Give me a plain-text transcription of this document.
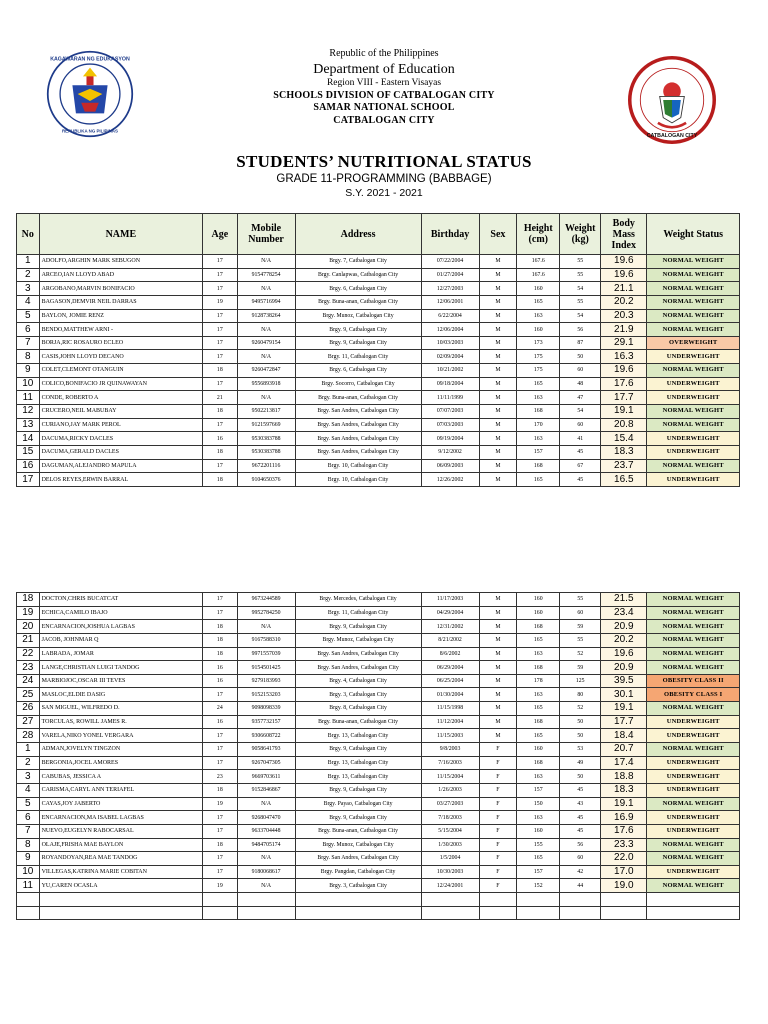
KAGAWARAN NG EDUKASYON
REPUBLIKA NG PILIPINAS
CATBALOGAN CITY
Republic of the Philippines
Department of Education
Region VIII - Eastern Visayas
SCHOOLS DIVISION OF CATBALOGAN CITY
SAMAR NATIONAL SCHOOL
CATBALOGAN CITY
STUDENTS’ NUTRITIONAL STATUS
GRADE 11-PROGRAMMING (BABBAGE)
S.Y. 2021 - 2021
No	NAME	Age	Mobile Number	Address	Birthday	Sex	Height (cm)	Weight (kg)	Body Mass Index	Weight Status
1	ADOLFO,ARGHIN MARK SEBUGON	17	N/A	Brgy. 7, Catbalogan City	07/22/2004	M	167.6	55	19.6	NORMAL WEIGHT
2	ARCEO,IAN LLOYD ABAD	17	9154778254	Brgy. Canlapwas, Catbalogan City	01/27/2004	M	167.6	55	19.6	NORMAL WEIGHT
3	ARGOBANO,MARVIN BONIFACIO	17	N/A	Brgy. 6, Catbalogan City	12/27/2003	M	160	54	21.1	NORMAL WEIGHT
4	BAGASON,DEMVIR NEIL DARRAS	19	9495716994	Brgy. Buna-anan, Catbalogan City	12/06/2001	M	165	55	20.2	NORMAL WEIGHT
5	BAYLON, JOMIE RENZ	17	9128738264	Brgy. Munoz, Catbalogan City	6/22/2004	M	163	54	20.3	NORMAL WEIGHT
6	BENDO,MATTHEW ARNI -	17	N/A	Brgy. 9, Catbalogan City	12/06/2004	M	160	56	21.9	NORMAL WEIGHT
7	BORJA,RIC ROSAURO ECLEO	17	9260479154	Brgy. 9, Catbalogan City	10/03/2003	M	173	87	29.1	OVERWEIGHT
8	CASIS,JOHN LLOYD DECANO	17	N/A	Brgy. 11, Catbalogan City	02/09/2004	M	175	50	16.3	UNDERWEIGHT
9	COLET,CLEMONT OTANGUIN	18	9260472847	Brgy. 6, Catbalogan City	10/21/2002	M	175	60	19.6	NORMAL WEIGHT
10	COLICO,BONIFACIO JR QUINAWAYAN	17	9556893918	Brgy. Socorro, Catbalogan City	09/18/2004	M	165	48	17.6	UNDERWEIGHT
11	CONDE, ROBERTO A	21	N/A	Brgy. Buna-anan, Catbalogan City	11/11/1999	M	163	47	17.7	UNDERWEIGHT
12	CRUCERO,NEIL MABUBAY	18	9502213817	Brgy. San Andres, Catbalogan City	07/07/2003	M	168	54	19.1	NORMAL WEIGHT
13	CURIANO,JAY MARK PEROL	17	9121597669	Brgy. San Andres, Catbalogan City	07/03/2003	M	170	60	20.8	NORMAL WEIGHT
14	DACUMA,RICKY DACLES	16	9530383788	Brgy. San Andres, Catbalogan City	09/19/2004	M	163	41	15.4	UNDERWEIGHT
15	DACUMA,GERALD DACLES	18	9530383788	Brgy. San Andres, Catbalogan City	9/12/2002	M	157	45	18.3	UNDERWEIGHT
16	DAGUMAN,ALEJANDRO MAPULA	17	9672201116	Brgy. 10, Catbalogan City	06/09/2003	M	168	67	23.7	NORMAL WEIGHT
17	DELOS REYES,ERWIN BARRAL	18	9104650376	Brgy. 10, Catbalogan City	12/26/2002	M	165	45	16.5	UNDERWEIGHT
18	DOCTON,CHRIS BUCATCAT	17	9673244589	Brgy. Mercedes, Catbalogan City	11/17/2003	M	160	55	21.5	NORMAL WEIGHT
19	ECHICA,CAMILO IBAJO	17	9952784250	Brgy. 11, Catbalogan City	04/29/2004	M	160	60	23.4	NORMAL WEIGHT
20	ENCARNACION,JOSHUA LAGBAS	18	N/A	Brgy. 9, Catbalogan City	12/31/2002	M	168	59	20.9	NORMAL WEIGHT
21	JACOB, JOHNMAR Q	18	9167588310	Brgy. Munoz, Catbalogan City	8/21/2002	M	165	55	20.2	NORMAL WEIGHT
22	LABRADA, JOMAR	18	9971557039	Brgy. San Andres, Catbalogan City	8/6/2002	M	163	52	19.6	NORMAL WEIGHT
23	LANGE,CHRISTIAN LUIGI TANDOG	16	9154501425	Brgy. San Andres, Catbalogan City	06/29/2004	M	168	59	20.9	NORMAL WEIGHT
24	MARBIOJOC,OSCAR III TEVES	16	9279183993	Brgy. 4, Catbalogan City	06/25/2004	M	178	125	39.5	OBESITY CLASS II
25	MASLOC,ELDIE DASIG	17	9152153203	Brgy. 3, Catbalogan City	01/30/2004	M	163	80	30.1	OBESITY CLASS I
26	SAN MIGUEL, WILFREDO D.	24	9098098339	Brgy. 8, Catbalogan City	11/15/1998	M	165	52	19.1	NORMAL WEIGHT
27	TORCULAS, ROWILL JAMES R.	16	9357732157	Brgy. Buna-anan, Catbalogan City	11/12/2004	M	168	50	17.7	UNDERWEIGHT
28	VARELA,NIKO YONEL VERGARA	17	9306608722	Brgy. 13, Catbalogan City	11/15/2003	M	165	50	18.4	UNDERWEIGHT
1	ADMAN,JOVELYN TINGZON	17	9058641793	Brgy. 9, Catbalogan City	9/8/2003	F	160	53	20.7	NORMAL WEIGHT
2	BERGONIA,JOCEL AMORES	17	9267047305	Brgy. 13, Catbalogan City	7/16/2003	F	168	49	17.4	UNDERWEIGHT
3	CABUBAS, JESSICA A	23	9669703611	Brgy. 13, Catbalogan City	11/15/2004	F	163	50	18.8	UNDERWEIGHT
4	CARISMA,CARYL ANN TERIAFEL	18	9152846867	Brgy. 9, Catbalogan City	1/26/2003	F	157	45	18.3	UNDERWEIGHT
5	CAYAS,JOY JABERTO	19	N/A	Brgy. Payao, Catbalogan City	03/27/2003	F	150	43	19.1	NORMAL WEIGHT
6	ENCARNACION,MA ISABEL LAGBAS	17	9268047470	Brgy. 9, Catbalogan City	7/18/2003	F	163	45	16.9	UNDERWEIGHT
7	NUEVO,EUGELYN RABOCARSAL	17	9633704448	Brgy. Buna-anan, Catbalogan City	5/15/2004	F	160	45	17.6	UNDERWEIGHT
8	OLAJE,FRISHA MAE BAYLON	18	9484705174	Brgy. Munoz, Catbalogan City	1/30/2003	F	155	56	23.3	NORMAL WEIGHT
9	ROYANDOYAN,REA MAE TANDOG	17	N/A	Brgy. San Andres, Catbalogan City	1/5/2004	F	165	60	22.0	NORMAL WEIGHT
10	VILLEGAS,KATRINA MARIE COBITAN	17	9180068617	Brgy. Pangdan, Catbalogan City	10/30/2003	F	157	42	17.0	UNDERWEIGHT
11	YU,CAREN OCASLA	19	N/A	Brgy. 3, Catbalogan City	12/24/2001	F	152	44	19.0	NORMAL WEIGHT
